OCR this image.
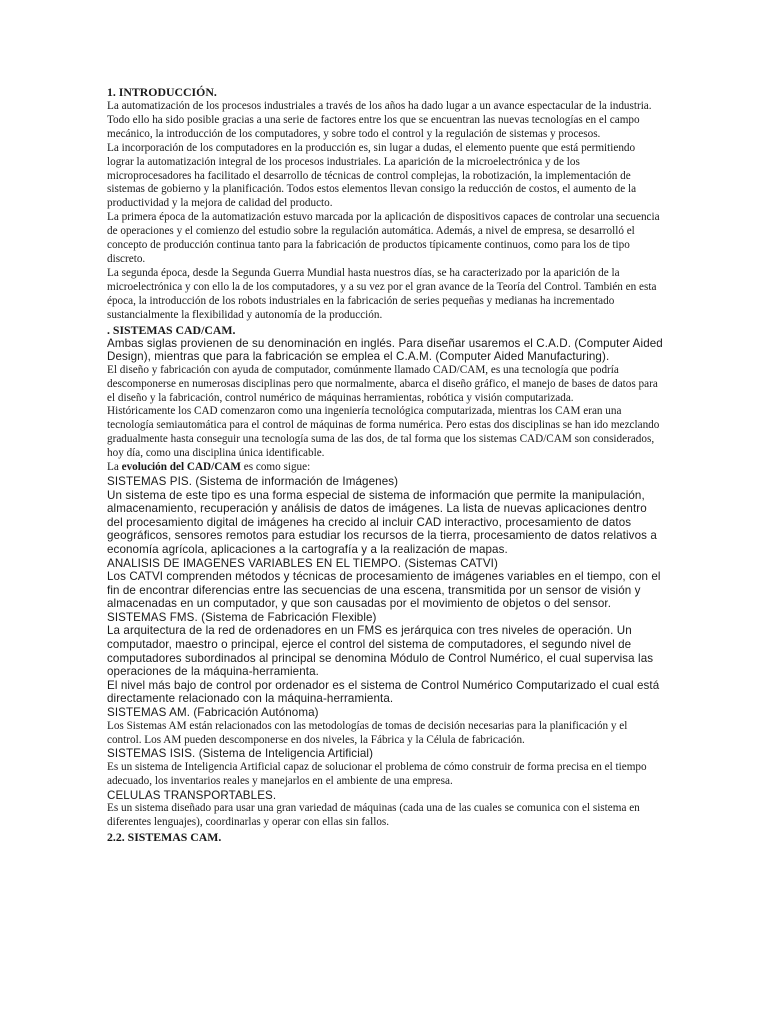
1. INTRODUCCIÓN.

La automatización de los procesos industriales a través de los años ha dado lugar a un avance espectacular de la industria. Todo ello ha sido posible gracias a una serie de factores entre los que se encuentran las nuevas tecnologías en el campo mecánico, la introducción de los computadores, y sobre todo el control y la regulación de sistemas y procesos.

La incorporación de los computadores en la producción es, sin lugar a dudas, el elemento puente que está permitiendo lograr la automatización integral de los procesos industriales. La aparición de la microelectrónica y de los microprocesadores ha facilitado el desarrollo de técnicas de control complejas, la robotización, la implementación de sistemas de gobierno y la planificación. Todos estos elementos llevan consigo la reducción de costos, el aumento de la productividad y la mejora de calidad del producto.

La primera época de la automatización estuvo marcada por la aplicación de dispositivos capaces de controlar una secuencia de operaciones y el comienzo del estudio sobre la regulación automática. Además, a nivel de empresa, se desarrolló el concepto de producción continua tanto para la fabricación de productos típicamente continuos, como para los de tipo discreto.

La segunda época, desde la Segunda Guerra Mundial hasta nuestros días, se ha caracterizado por la aparición de la microelectrónica y con ello la de los computadores, y a su vez por el gran avance de la Teoría del Control. También en esta época, la introducción de los robots industriales en la fabricación de series pequeñas y medianas ha incrementado sustancialmente la flexibilidad y autonomía de la producción.

. SISTEMAS CAD/CAM.

Ambas siglas provienen de su denominación en inglés. Para diseñar usaremos el C.A.D. (Computer Aided Design), mientras que para la fabricación se emplea el C.A.M. (Computer Aided Manufacturing).

El diseño y fabricación con ayuda de computador, comúnmente llamado CAD/CAM, es una tecnología que podría descomponerse en numerosas disciplinas pero que normalmente, abarca el diseño gráfico, el manejo de bases de datos para el diseño y la fabricación, control numérico de máquinas herramientas, robótica y visión computarizada.

Históricamente los CAD comenzaron como una ingeniería tecnológica computarizada, mientras los CAM eran una tecnología semiautomática para el control de máquinas de forma numérica. Pero estas dos disciplinas se han ido mezclando gradualmente hasta conseguir una tecnología suma de las dos, de tal forma que los sistemas CAD/CAM son considerados, hoy día, como una disciplina única identificable.

La evolución del CAD/CAM es como sigue:

SISTEMAS PIS. (Sistema de información de Imágenes)

Un sistema de este tipo es una forma especial de sistema de información que permite la manipulación, almacenamiento, recuperación y análisis de datos de imágenes. La lista de nuevas aplicaciones dentro del procesamiento digital de imágenes ha crecido al incluir CAD interactivo, procesamiento de datos geográficos, sensores remotos para estudiar los recursos de la tierra, procesamiento de datos relativos a economía agrícola, aplicaciones a la cartografía y a la realización de mapas.

ANALISIS DE IMAGENES VARIABLES EN EL TIEMPO. (Sistemas CATVI)

Los CATVI comprenden métodos y técnicas de procesamiento de imágenes variables en el tiempo, con el fin de encontrar diferencias entre las secuencias de una escena, transmitida por un sensor de visión y almacenadas en un computador, y que son causadas por el movimiento de objetos o del sensor.

SISTEMAS FMS. (Sistema de Fabricación Flexible)

La arquitectura de la red de ordenadores en un FMS es jerárquica con tres niveles de operación. Un computador, maestro o principal, ejerce el control del sistema de computadores, el segundo nivel de computadores subordinados al principal se denomina Módulo de Control Numérico, el cual supervisa las operaciones de la máquina-herramienta.

El nivel más bajo de control por ordenador es el sistema de Control Numérico Computarizado el cual está directamente relacionado con la máquina-herramienta.

SISTEMAS AM. (Fabricación Autónoma)

Los Sistemas AM están relacionados con las metodologías de tomas de decisión necesarias para la planificación y el control. Los AM pueden descomponerse en dos niveles, la Fábrica y la Célula de fabricación.

SISTEMAS ISIS. (Sistema de Inteligencia Artificial)

Es un sistema de Inteligencia Artificial capaz de solucionar el problema de cómo construir de forma precisa en el tiempo adecuado, los inventarios reales y manejarlos en el ambiente de una empresa.

CELULAS TRANSPORTABLES.

Es un sistema diseñado para usar una gran variedad de máquinas (cada una de las cuales se comunica con el sistema en diferentes lenguajes), coordinarlas y operar con ellas sin fallos.

2.2. SISTEMAS CAM.
